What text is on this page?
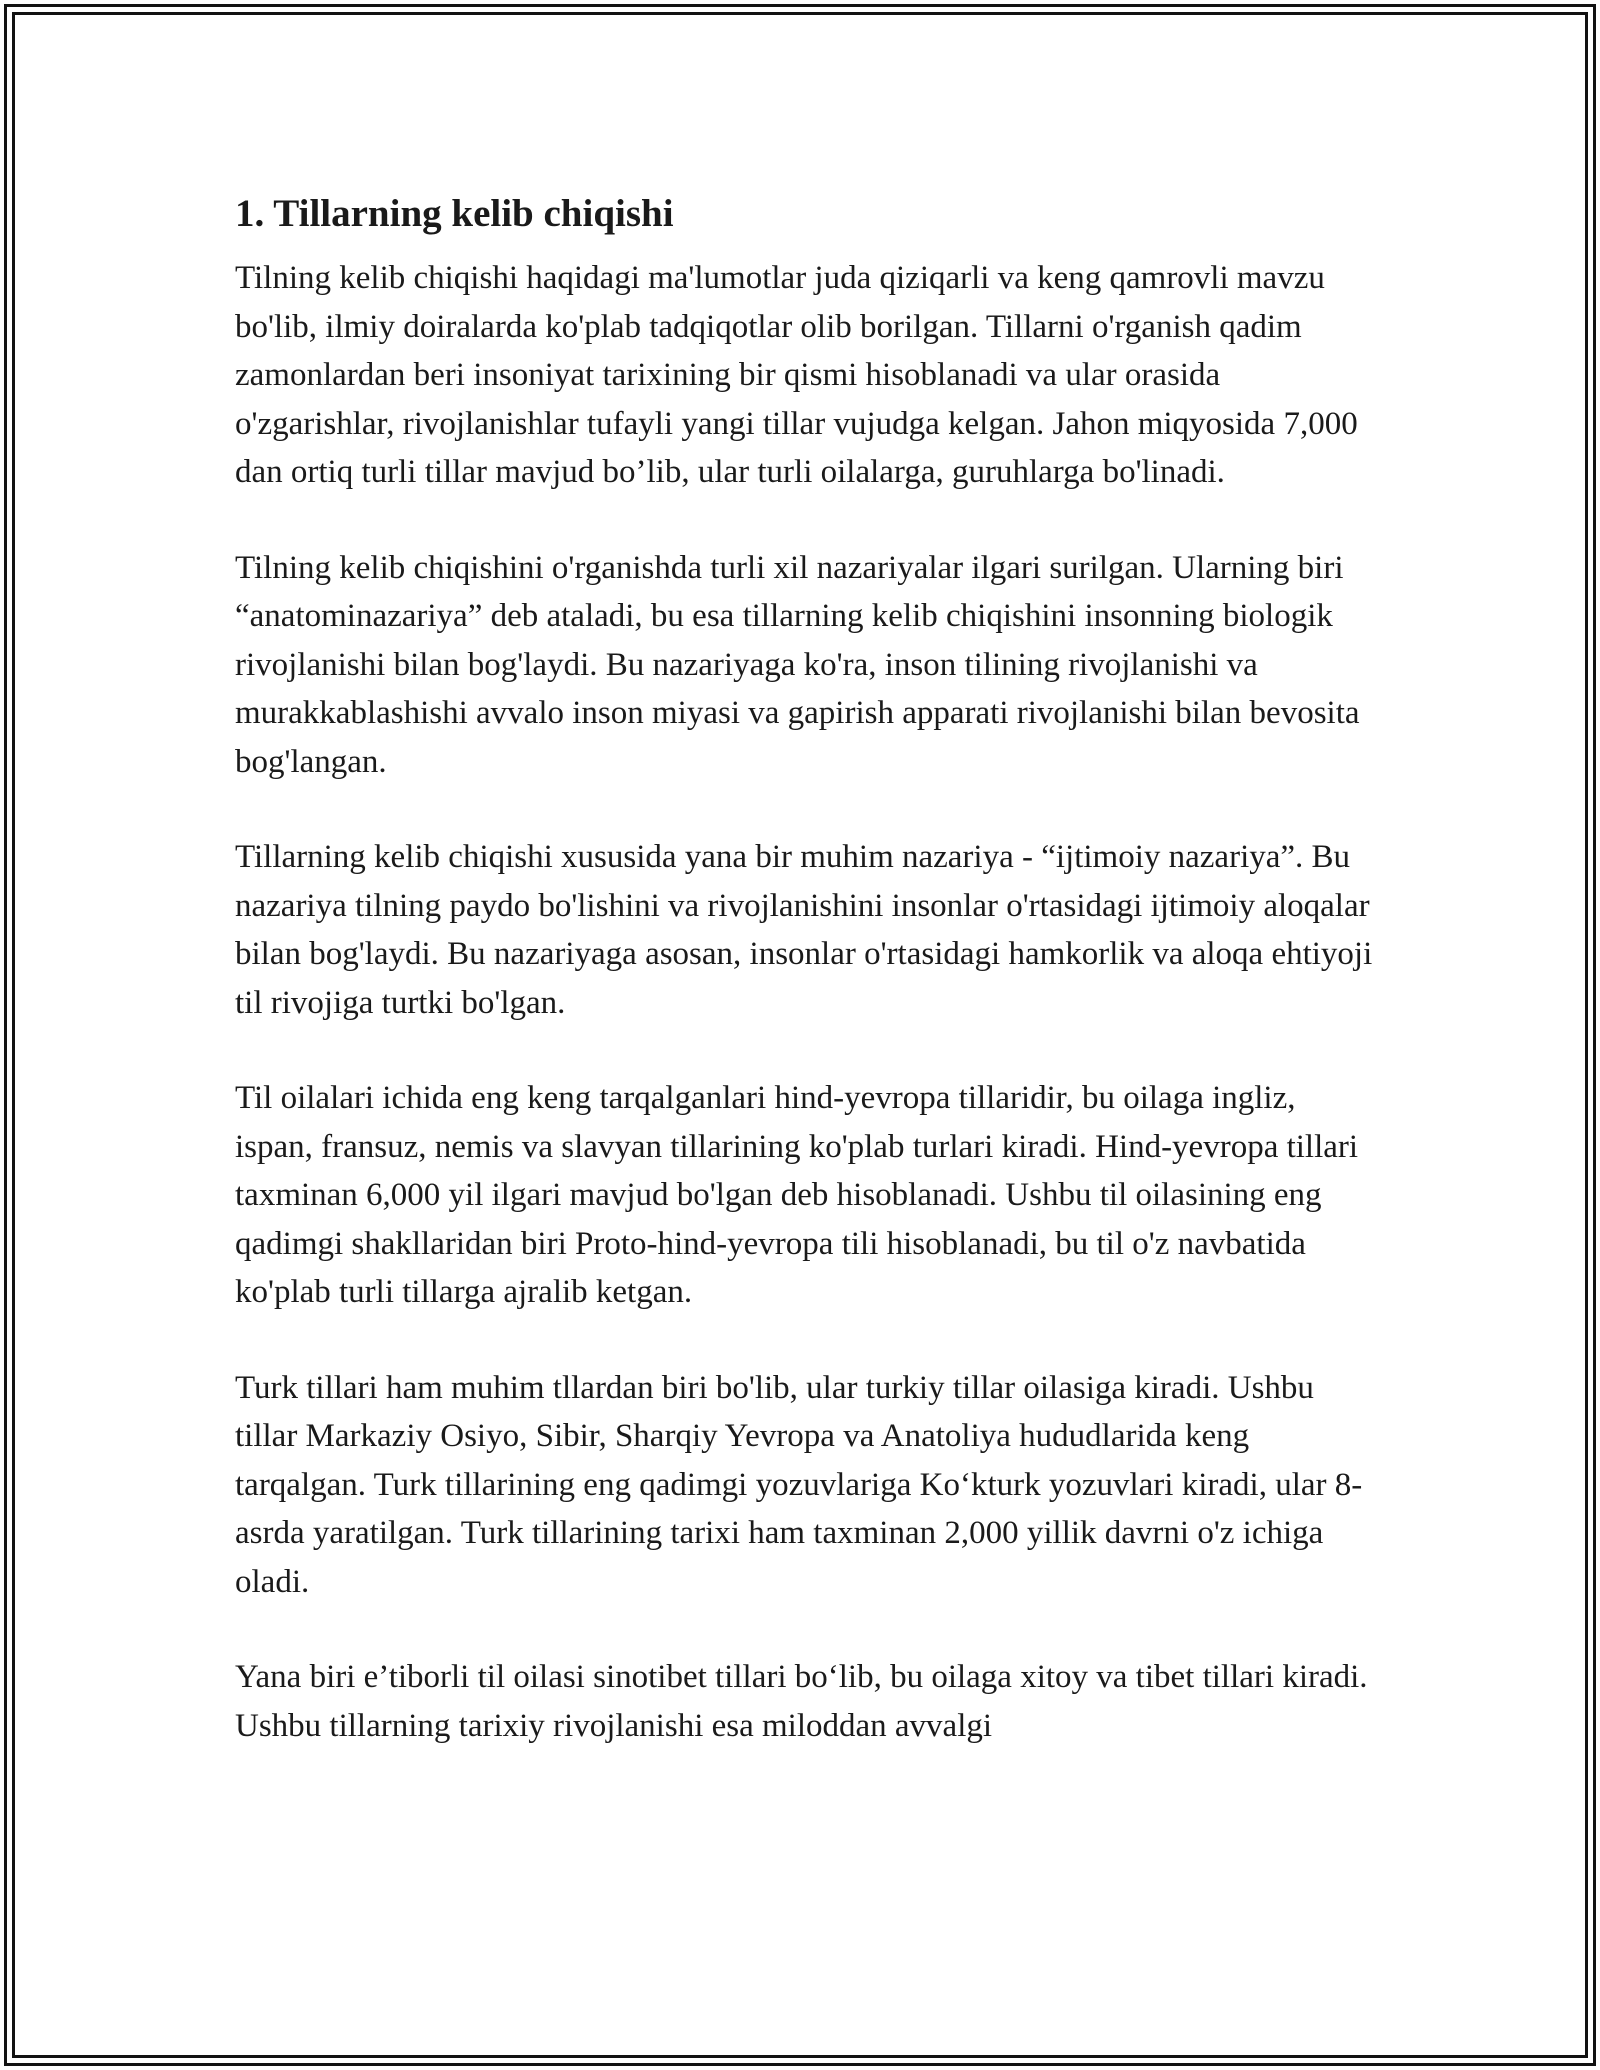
1. Tillarning kelib chiqishi

Tilning kelib chiqishi haqidagi ma'lumotlar juda qiziqarli va keng qamrovli mavzu bo'lib, ilmiy doiralarda ko'plab tadqiqotlar olib borilgan. Tillarni o'rganish qadim zamonlardan beri insoniyat tarixining bir qismi hisoblanadi va ular orasida o'zgarishlar, rivojlanishlar tufayli yangi tillar vujudga kelgan. Jahon miqyosida 7,000 dan ortiq turli tillar mavjud bo’lib, ular turli oilalarga, guruhlarga bo'linadi.

Tilning kelib chiqishini o'rganishda turli xil nazariyalar ilgari surilgan. Ularning biri “anatominazariya” deb ataladi, bu esa tillarning kelib chiqishini insonning biologik rivojlanishi bilan bog'laydi. Bu nazariyaga ko'ra, inson tilining rivojlanishi va murakkablashishi avvalo inson miyasi va gapirish apparati rivojlanishi bilan bevosita bog'langan.

Tillarning kelib chiqishi xususida yana bir muhim nazariya - “ijtimoiy nazariya”. Bu nazariya tilning paydo bo'lishini va rivojlanishini insonlar o'rtasidagi ijtimoiy aloqalar bilan bog'laydi. Bu nazariyaga asosan, insonlar o'rtasidagi hamkorlik va aloqa ehtiyoji til rivojiga turtki bo'lgan.

Til oilalari ichida eng keng tarqalganlari hind-yevropa tillaridir, bu oilaga ingliz, ispan, fransuz, nemis va slavyan tillarining ko'plab turlari kiradi. Hind-yevropa tillari taxminan 6,000 yil ilgari mavjud bo'lgan deb hisoblanadi. Ushbu til oilasining eng qadimgi shakllaridan biri Proto-hind-yevropa tili hisoblanadi, bu til o'z navbatida ko'plab turli tillarga ajralib ketgan.

Turk tillari ham muhim tllardan biri bo'lib, ular turkiy tillar oilasiga kiradi. Ushbu tillar Markaziy Osiyo, Sibir, Sharqiy Yevropa va Anatoliya hududlarida keng tarqalgan. Turk tillarining eng qadimgi yozuvlariga Ko‘kturk yozuvlari kiradi, ular 8-asrda yaratilgan. Turk tillarining tarixi ham taxminan 2,000 yillik davrni o'z ichiga oladi.

Yana biri e’tiborli til oilasi sinotibet tillari bo‘lib, bu oilaga xitoy va tibet tillari kiradi. Ushbu tillarning tarixiy rivojlanishi esa miloddan avvalgi
